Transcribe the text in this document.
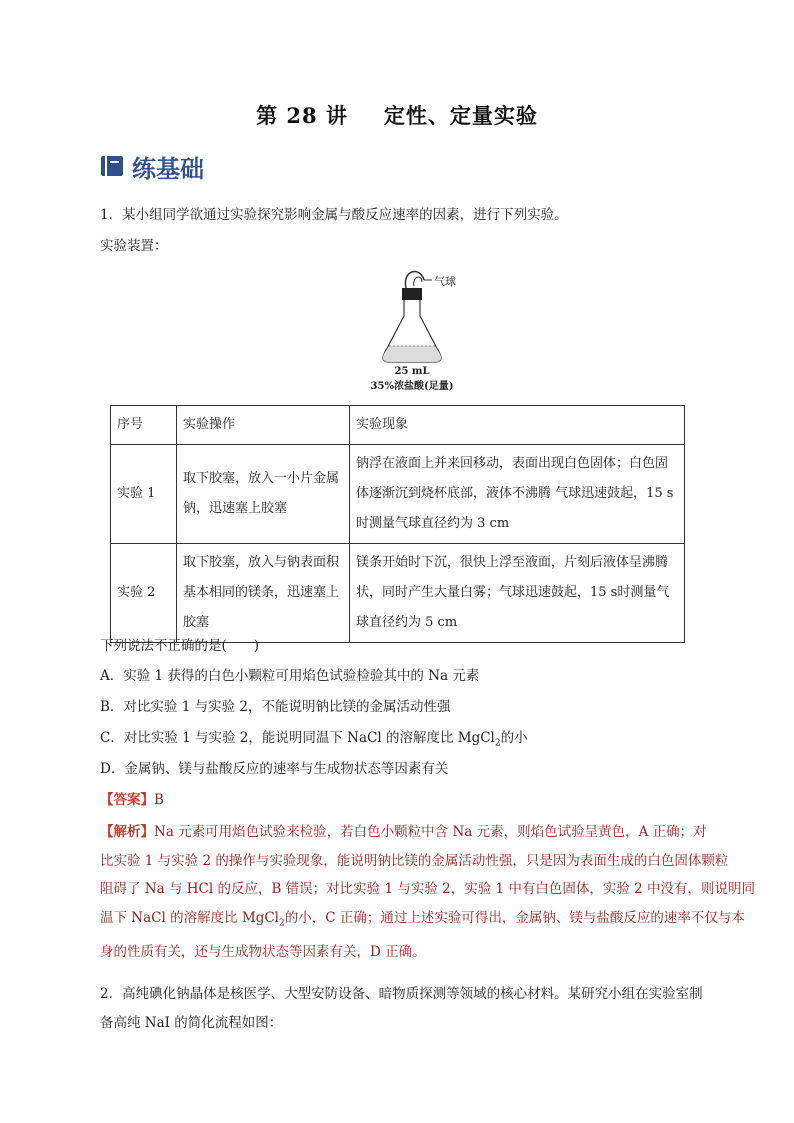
第 28 讲 定性、定量实验
练基础
1．某小组同学欲通过实验探究影响金属与酸反应速率的因素，进行下列实验。
实验装置：
气球
25 mL
35%浓盐酸(足量)
序号	实验操作	实验现象
实验 1	取下胶塞，放入一小片金属钠，迅速塞上胶塞	钠浮在液面上并来回移动，表面出现白色固体；白色固体逐渐沉到烧杯底部，液体不沸腾 气球迅速鼓起，15 s时测量气球直径约为 3 cm
实验 2	取下胶塞，放入与钠表面积基本相同的镁条，迅速塞上胶塞	镁条开始时下沉，很快上浮至液面，片刻后液体呈沸腾状，同时产生大量白雾；气球迅速鼓起，15 s时测量气球直径约为 5 cm
下列说法不正确的是(　　)
A．实验 1 获得的白色小颗粒可用焰色试验检验其中的 Na 元素
B．对比实验 1 与实验 2，不能说明钠比镁的金属活动性强
C．对比实验 1 与实验 2，能说明同温下 NaCl 的溶解度比 MgCl$_2$的小
D．金属钠、镁与盐酸反应的速率与生成物状态等因素有关
【答案】B
【解析】Na 元素可用焰色试验来检验，若白色小颗粒中含 Na 元素，则焰色试验呈黄色，A 正确；对
比实验 1 与实验 2 的操作与实验现象，能说明钠比镁的金属活动性强，只是因为表面生成的白色固体颗粒
阻碍了 Na 与 HCl 的反应，B 错误；对比实验 1 与实验 2，实验 1 中有白色固体，实验 2 中没有，则说明同
温下 NaCl 的溶解度比 MgCl$_2$的小，C 正确；通过上述实验可得出，金属钠、镁与盐酸反应的速率不仅与本
身的性质有关，还与生成物状态等因素有关，D 正确。
2．高纯碘化钠晶体是核医学、大型安防设备、暗物质探测等领域的核心材料。某研究小组在实验室制
备高纯 NaI 的简化流程如图：
